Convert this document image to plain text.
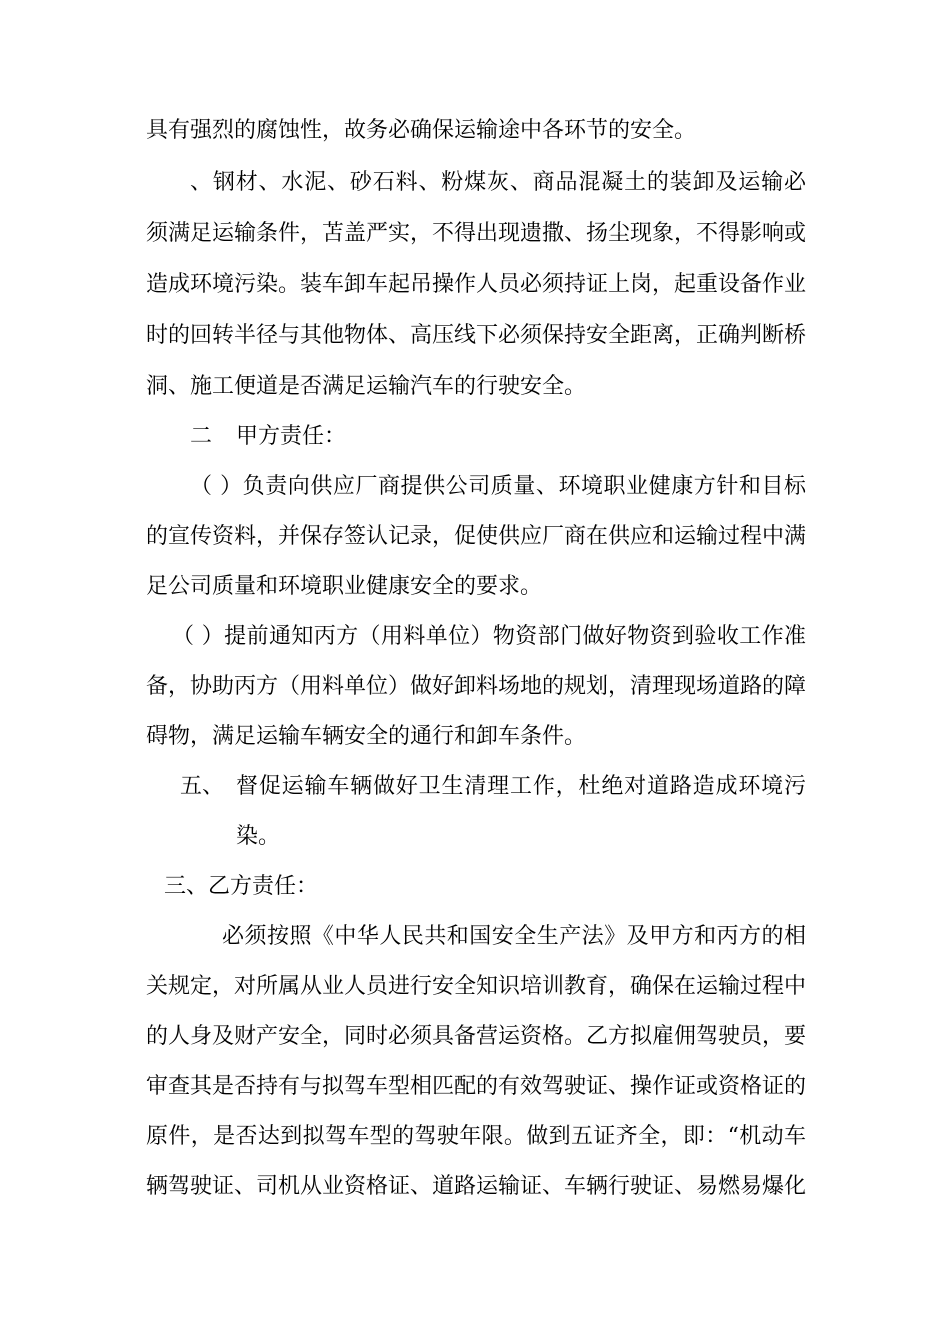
具有强烈的腐蚀性，故务必确保运输途中各环节的安全。
、钢材、水泥、砂石料、粉煤灰、商品混凝土的装卸及运输必
须满足运输条件，苫盖严实，不得出现遗撒、扬尘现象，不得影响或
造成环境污染。装车卸车起吊操作人员必须持证上岗，起重设备作业
时的回转半径与其他物体、高压线下必须保持安全距离，正确判断桥
洞、施工便道是否满足运输汽车的行驶安全。
二 甲方责任：
（ ）负责向供应厂商提供公司质量、环境职业健康方针和目标
的宣传资料，并保存签认记录，促使供应厂商在供应和运输过程中满
足公司质量和环境职业健康安全的要求。
（ ）提前通知丙方（用料单位）物资部门做好物资到验收工作准
备，协助丙方（用料单位）做好卸料场地的规划，清理现场道路的障
碍物，满足运输车辆安全的通行和卸车条件。
五、 督促运输车辆做好卫生清理工作，杜绝对道路造成环境污
染。
三、乙方责任：
必须按照《中华人民共和国安全生产法》及甲方和丙方的相
关规定，对所属从业人员进行安全知识培训教育，确保在运输过程中
的人身及财产安全，同时必须具备营运资格。乙方拟雇佣驾驶员，要
审查其是否持有与拟驾车型相匹配的有效驾驶证、操作证或资格证的
原件，是否达到拟驾车型的驾驶年限。做到五证齐全，即：“机动车
辆驾驶证、司机从业资格证、道路运输证、车辆行驶证、易燃易爆化
